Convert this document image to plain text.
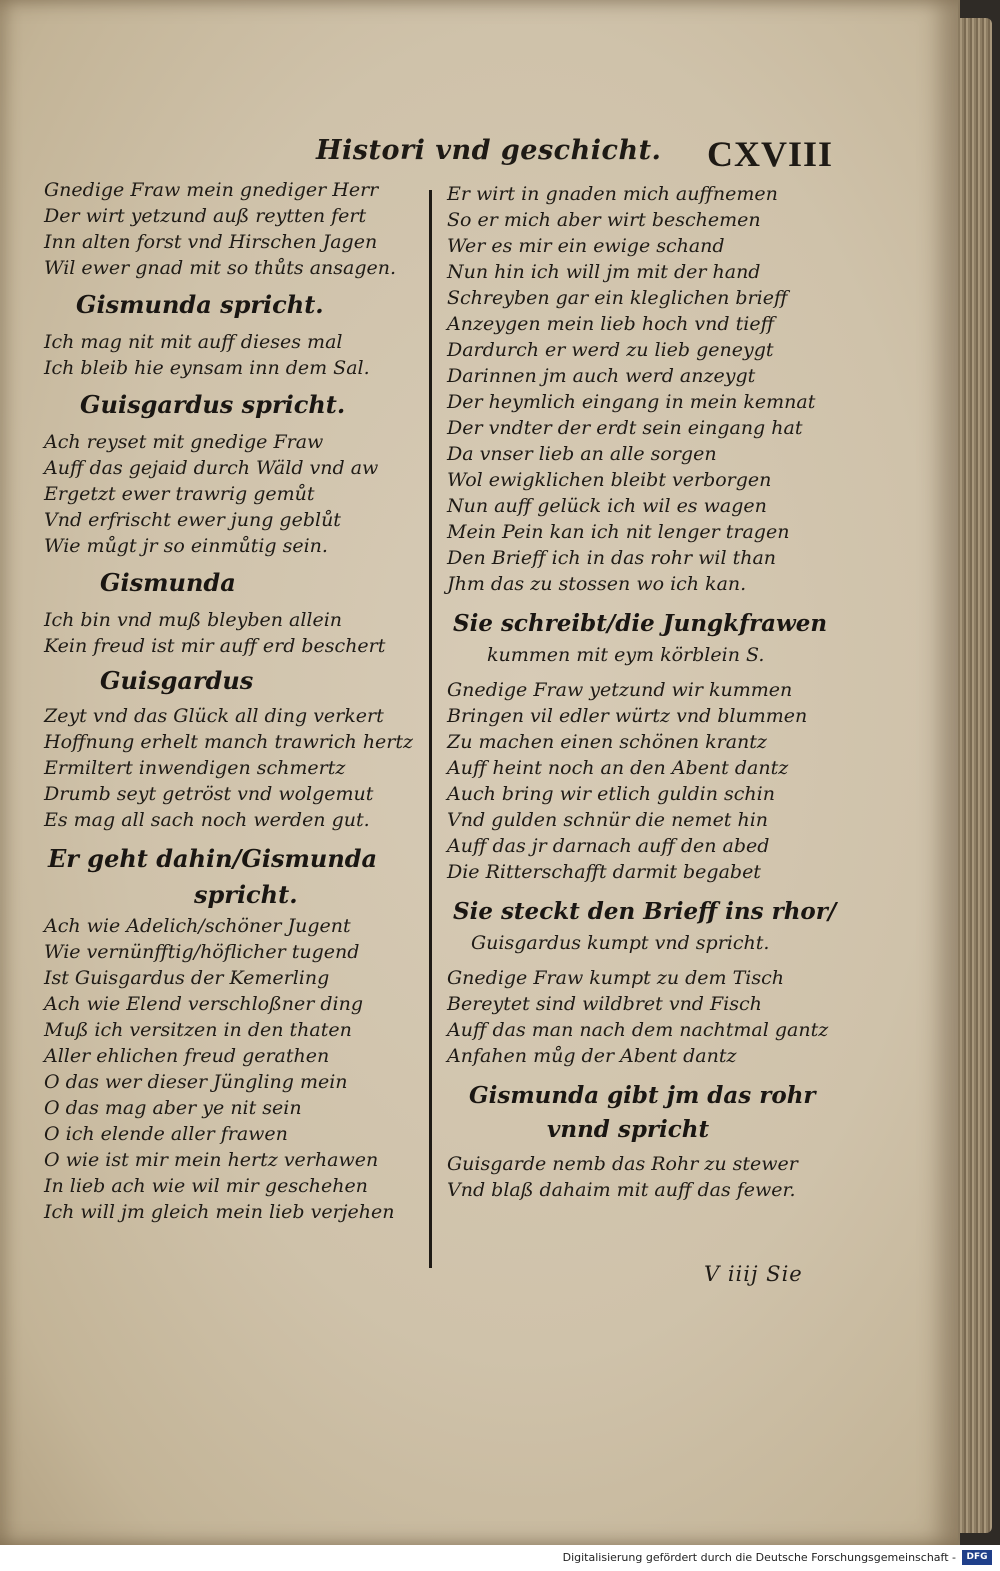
Histori vnd geschicht. CXVIII
Gnedige Fraw mein gnediger Herr
Der wirt yetzund auß reytten fert
Inn alten forst vnd Hirschen Jagen
Wil ewer gnad mit so thůts ansagen.
Gismunda spricht.
Ich mag nit mit auff dieses mal
Ich bleib hie eynsam inn dem Sal.
Guisgardus spricht.
Ach reyset mit gnedige Fraw
Auff das gejaid durch Wäld vnd aw
Ergetzt ewer trawrig gemůt
Vnd erfrischt ewer jung geblůt
Wie můgt jr so einmůtig sein.
Gismunda
Ich bin vnd muß bleyben allein
Kein freud ist mir auff erd beschert
Guisgardus
Zeyt vnd das Glück all ding verkert
Hoffnung erhelt manch trawrich hertz
Ermiltert inwendigen schmertz
Drumb seyt getröst vnd wolgemut
Es mag all sach noch werden gut.
Er geht dahin/Gismunda
spricht.
Ach wie Adelich/schöner Jugent
Wie vernünfftig/höflicher tugend
Ist Guisgardus der Kemerling
Ach wie Elend verschloßner ding
Muß ich versitzen in den thaten
Aller ehlichen freud gerathen
O das wer dieser Jüngling mein
O das mag aber ye nit sein
O ich elende aller frawen
O wie ist mir mein hertz verhawen
In lieb ach wie wil mir geschehen
Ich will jm gleich mein lieb verjehen
Er wirt in gnaden mich auffnemen
So er mich aber wirt beschemen
Wer es mir ein ewige schand
Nun hin ich will jm mit der hand
Schreyben gar ein kleglichen brieff
Anzeygen mein lieb hoch vnd tieff
Dardurch er werd zu lieb geneygt
Darinnen jm auch werd anzeygt
Der heymlich eingang in mein kemnat
Der vndter der erdt sein eingang hat
Da vnser lieb an alle sorgen
Wol ewigklichen bleibt verborgen
Nun auff gelück ich wil es wagen
Mein Pein kan ich nit lenger tragen
Den Brieff ich in das rohr wil than
Jhm das zu stossen wo ich kan.
Sie schreibt/die Jungkfrawen
kummen mit eym körblein S.
Gnedige Fraw yetzund wir kummen
Bringen vil edler würtz vnd blummen
Zu machen einen schönen krantz
Auff heint noch an den Abent dantz
Auch bring wir etlich guldin schin
Vnd gulden schnür die nemet hin
Auff das jr darnach auff den abed
Die Ritterschafft darmit begabet
Sie steckt den Brieff ins rhor/
Guisgardus kumpt vnd spricht.
Gnedige Fraw kumpt zu dem Tisch
Bereytet sind wildbret vnd Fisch
Auff das man nach dem nachtmal gantz
Anfahen můg der Abent dantz
Gismunda gibt jm das rohr
vnnd spricht
Guisgarde nemb das Rohr zu stewer
Vnd blaß dahaim mit auff das fewer.
V iiij Sie
Digitalisierung gefördert durch die Deutsche Forschungsgemeinschaft -	DFG
